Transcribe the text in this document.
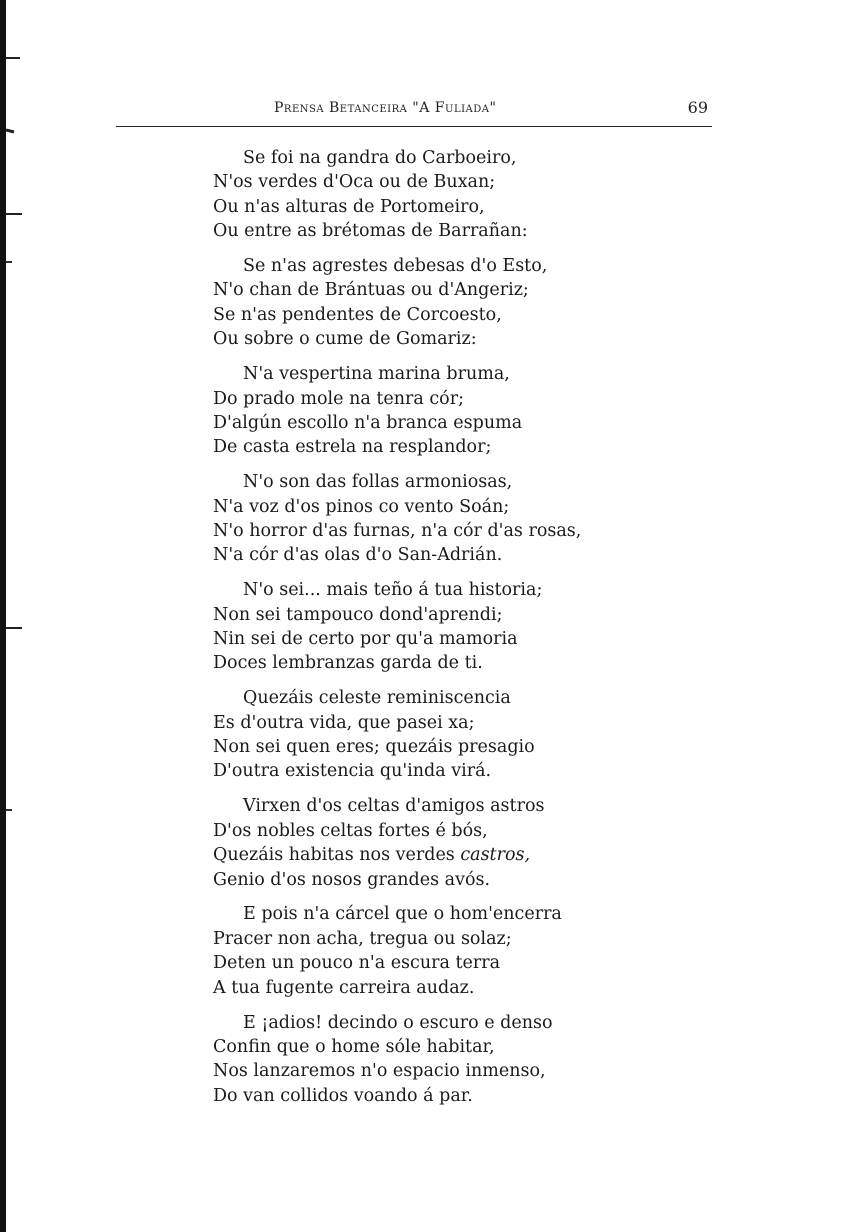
Prensa Betanceira "A Fuliada"	69
Se foi na gandra do Carboeiro,
N'os verdes d'Oca ou de Buxan;
Ou n'as alturas de Portomeiro,
Ou entre as brétomas de Barrañan:
Se n'as agrestes debesas d'o Esto,
N'o chan de Brántuas ou d'Angeriz;
Se n'as pendentes de Corcoesto,
Ou sobre o cume de Gomariz:
N'a vespertina marina bruma,
Do prado mole na tenra cór;
D'algún escollo n'a branca espuma
De casta estrela na resplandor;
N'o son das follas armoniosas,
N'a voz d'os pinos co vento Soán;
N'o horror d'as furnas, n'a cór d'as rosas,
N'a cór d'as olas d'o San-Adrián.
N'o sei... mais teño á tua historia;
Non sei tampouco dond'aprendi;
Nin sei de certo por qu'a mamoria
Doces lembranzas garda de ti.
Quezáis celeste reminiscencia
Es d'outra vida, que pasei xa;
Non sei quen eres; quezáis presagio
D'outra existencia qu'inda virá.
Virxen d'os celtas d'amigos astros
D'os nobles celtas fortes é bós,
Quezáis habitas nos verdes castros,
Genio d'os nosos grandes avós.
E pois n'a cárcel que o hom'encerra
Pracer non acha, tregua ou solaz;
Deten un pouco n'a escura terra
A tua fugente carreira audaz.
E ¡adios! decindo o escuro e denso
Confin que o home sóle habitar,
Nos lanzaremos n'o espacio inmenso,
Do van collidos voando á par.
